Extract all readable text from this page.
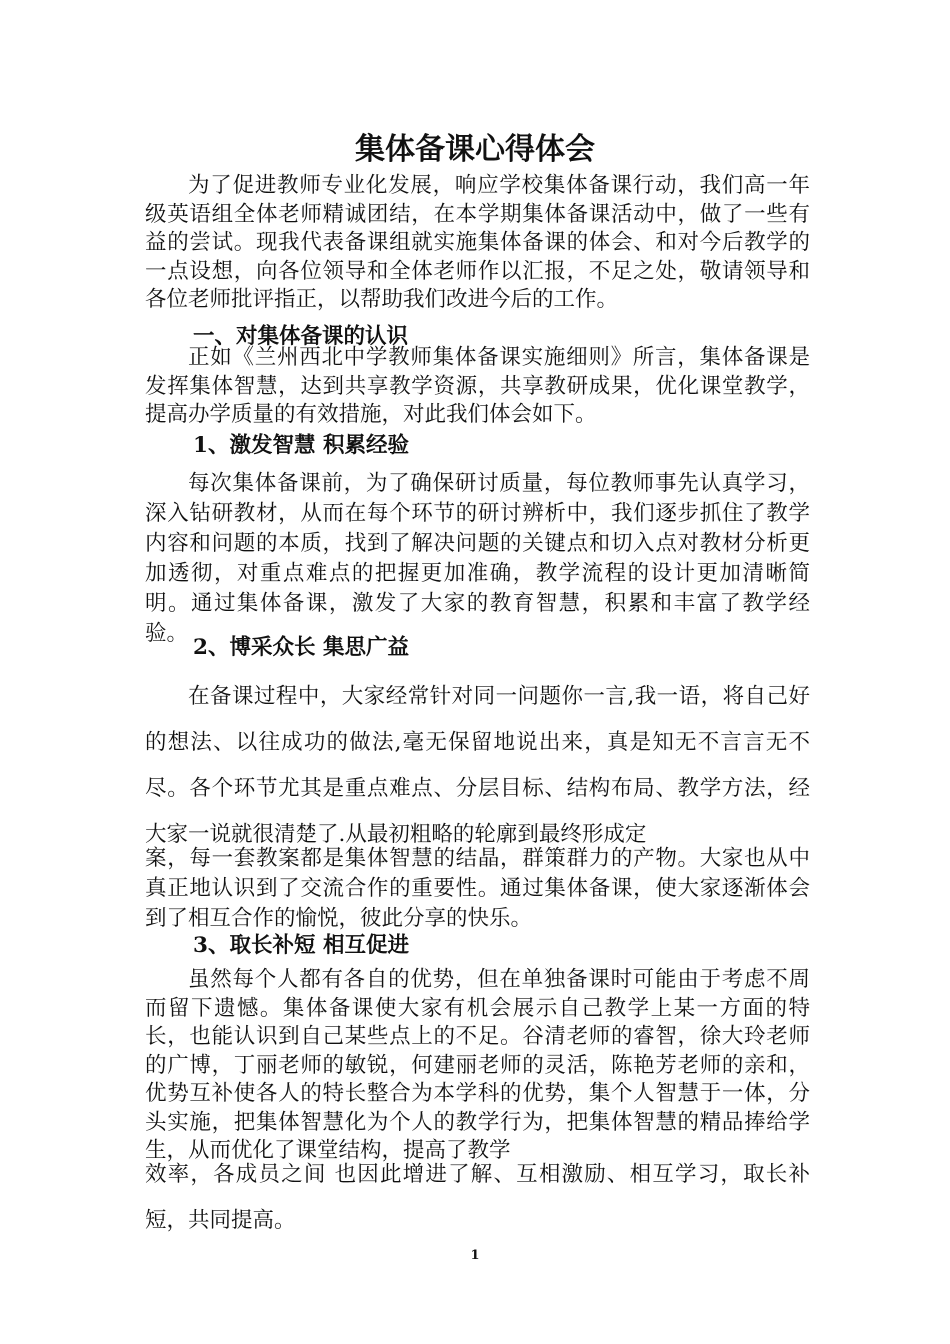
集体备课心得体会

为了促进教师专业化发展，响应学校集体备课行动，我们高一年级英语组全体老师精诚团结，在本学期集体备课活动中，做了一些有益的尝试。现我代表备课组就实施集体备课的体会、和对今后教学的一点设想，向各位领导和全体老师作以汇报，不足之处，敬请领导和各位老师批评指正，以帮助我们改进今后的工作。

一、对集体备课的认识

正如《兰州西北中学教师集体备课实施细则》所言，集体备课是发挥集体智慧，达到共享教学资源，共享教研成果，优化课堂教学，提高办学质量的有效措施，对此我们体会如下。

1、激发智慧 积累经验

每次集体备课前，为了确保研讨质量，每位教师事先认真学习，深入钻研教材，从而在每个环节的研讨辨析中，我们逐步抓住了教学内容和问题的本质，找到了解决问题的关键点和切入点对教材分析更加透彻，对重点难点的把握更加准确，教学流程的设计更加清晰简明。通过集体备课，激发了大家的教育智慧，积累和丰富了教学经验。

2、博采众长 集思广益

在备课过程中，大家经常针对同一问题你一言,我一语，将自己好的想法、以往成功的做法,毫无保留地说出来，真是知无不言言无不尽。各个环节尤其是重点难点、分层目标、结构布局、教学方法，经大家一说就很清楚了.从最初粗略的轮廓到最终形成定

案，每一套教案都是集体智慧的结晶，群策群力的产物。大家也从中真正地认识到了交流合作的重要性。通过集体备课，使大家逐渐体会到了相互合作的愉悦，彼此分享的快乐。

3、取长补短 相互促进

虽然每个人都有各自的优势，但在单独备课时可能由于考虑不周而留下遗憾。集体备课使大家有机会展示自己教学上某一方面的特长，也能认识到自己某些点上的不足。谷清老师的睿智，徐大玲老师的广博，丁丽老师的敏锐，何建丽老师的灵活，陈艳芳老师的亲和，优势互补使各人的特长整合为本学科的优势，集个人智慧于一体，分头实施，把集体智慧化为个人的教学行为，把集体智慧的精品捧给学生，从而优化了课堂结构，提高了教学

效率，各成员之间 也因此增进了解、互相激励、相互学习，取长补短，共同提高。

1
